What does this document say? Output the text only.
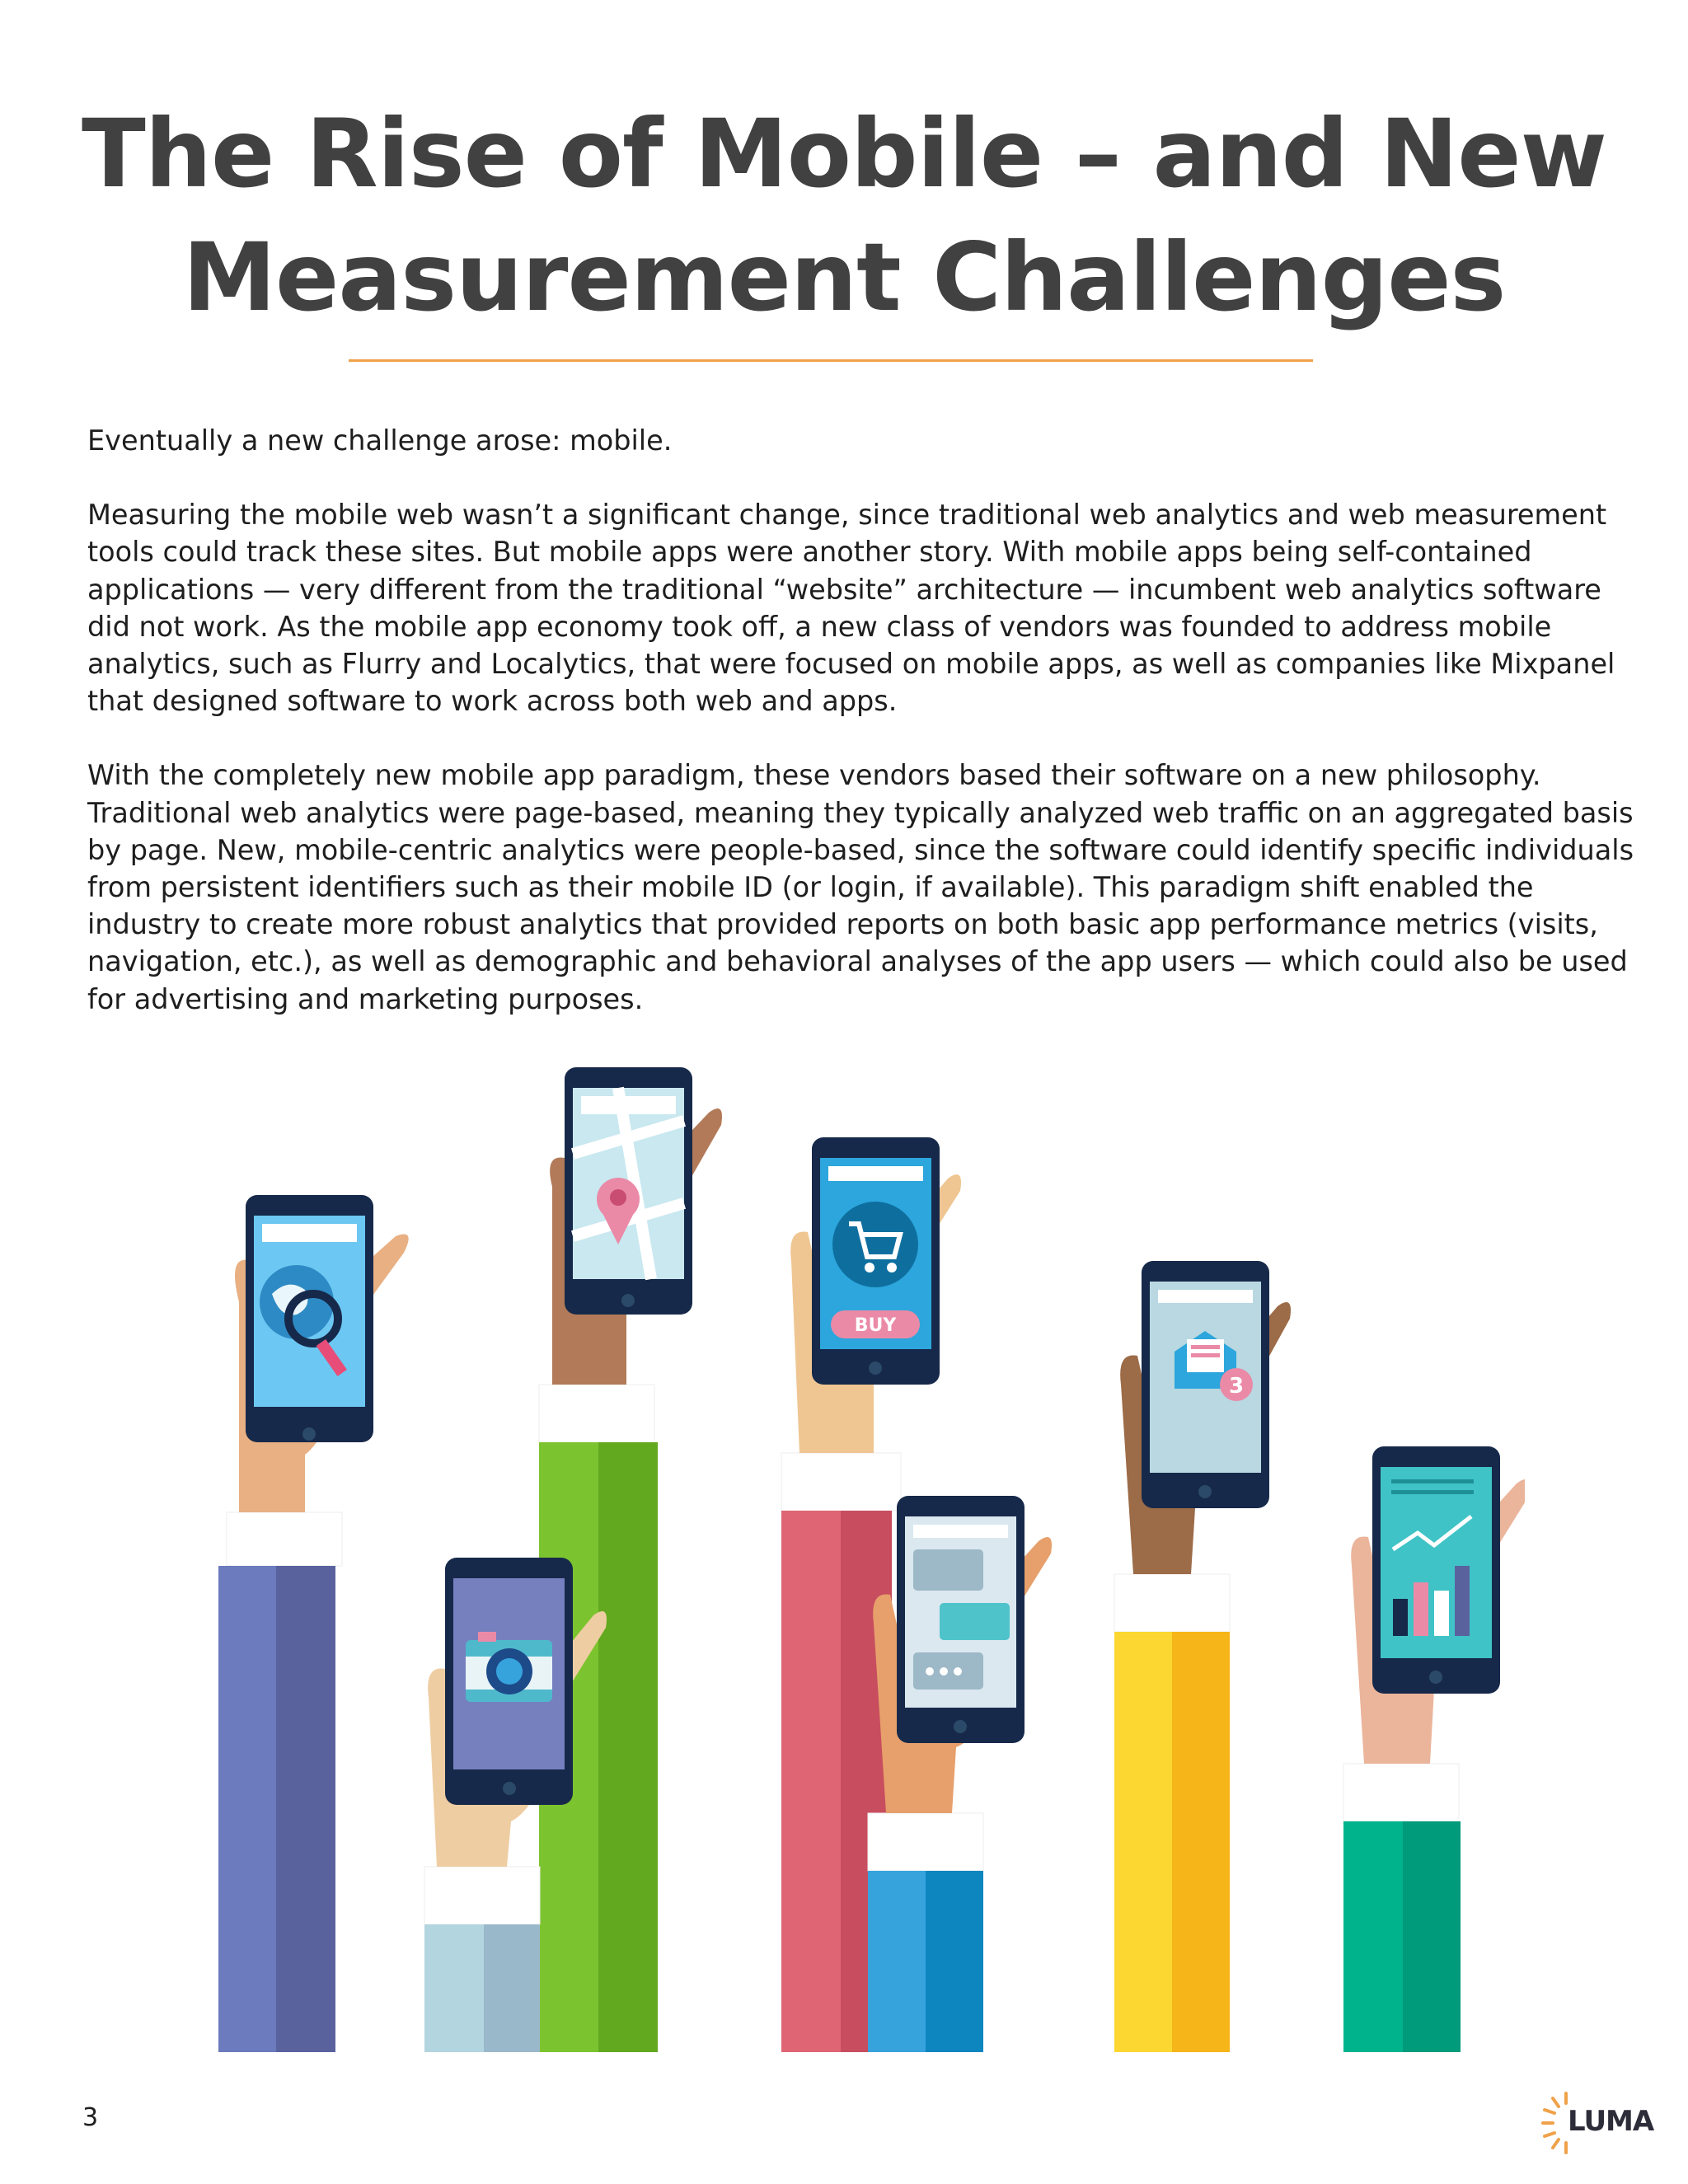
The Rise of Mobile – and New
Measurement Challenges

Eventually a new challenge arose: mobile.

Measuring the mobile web wasn’t a significant change, since traditional web analytics and web measurement tools could track these sites. But mobile apps were another story. With mobile apps being self-contained applications — very different from the traditional “website” architecture — incumbent web analytics software did not work. As the mobile app economy took off, a new class of vendors was founded to address mobile analytics, such as Flurry and Localytics, that were focused on mobile apps, as well as companies like Mixpanel that designed software to work across both web and apps.

With the completely new mobile app paradigm, these vendors based their software on a new philosophy. Traditional web analytics were page-based, meaning they typically analyzed web traffic on an aggregated basis by page. New, mobile-centric analytics were people-based, since the software could identify specific individuals from persistent identifiers such as their mobile ID (or login, if available). This paradigm shift enabled the industry to create more robust analytics that provided reports on both basic app performance metrics (visits, navigation, etc.), as well as demographic and behavioral analyses of the app users — which could also be used for advertising and marketing purposes.

BUY
3
3	LUMA
